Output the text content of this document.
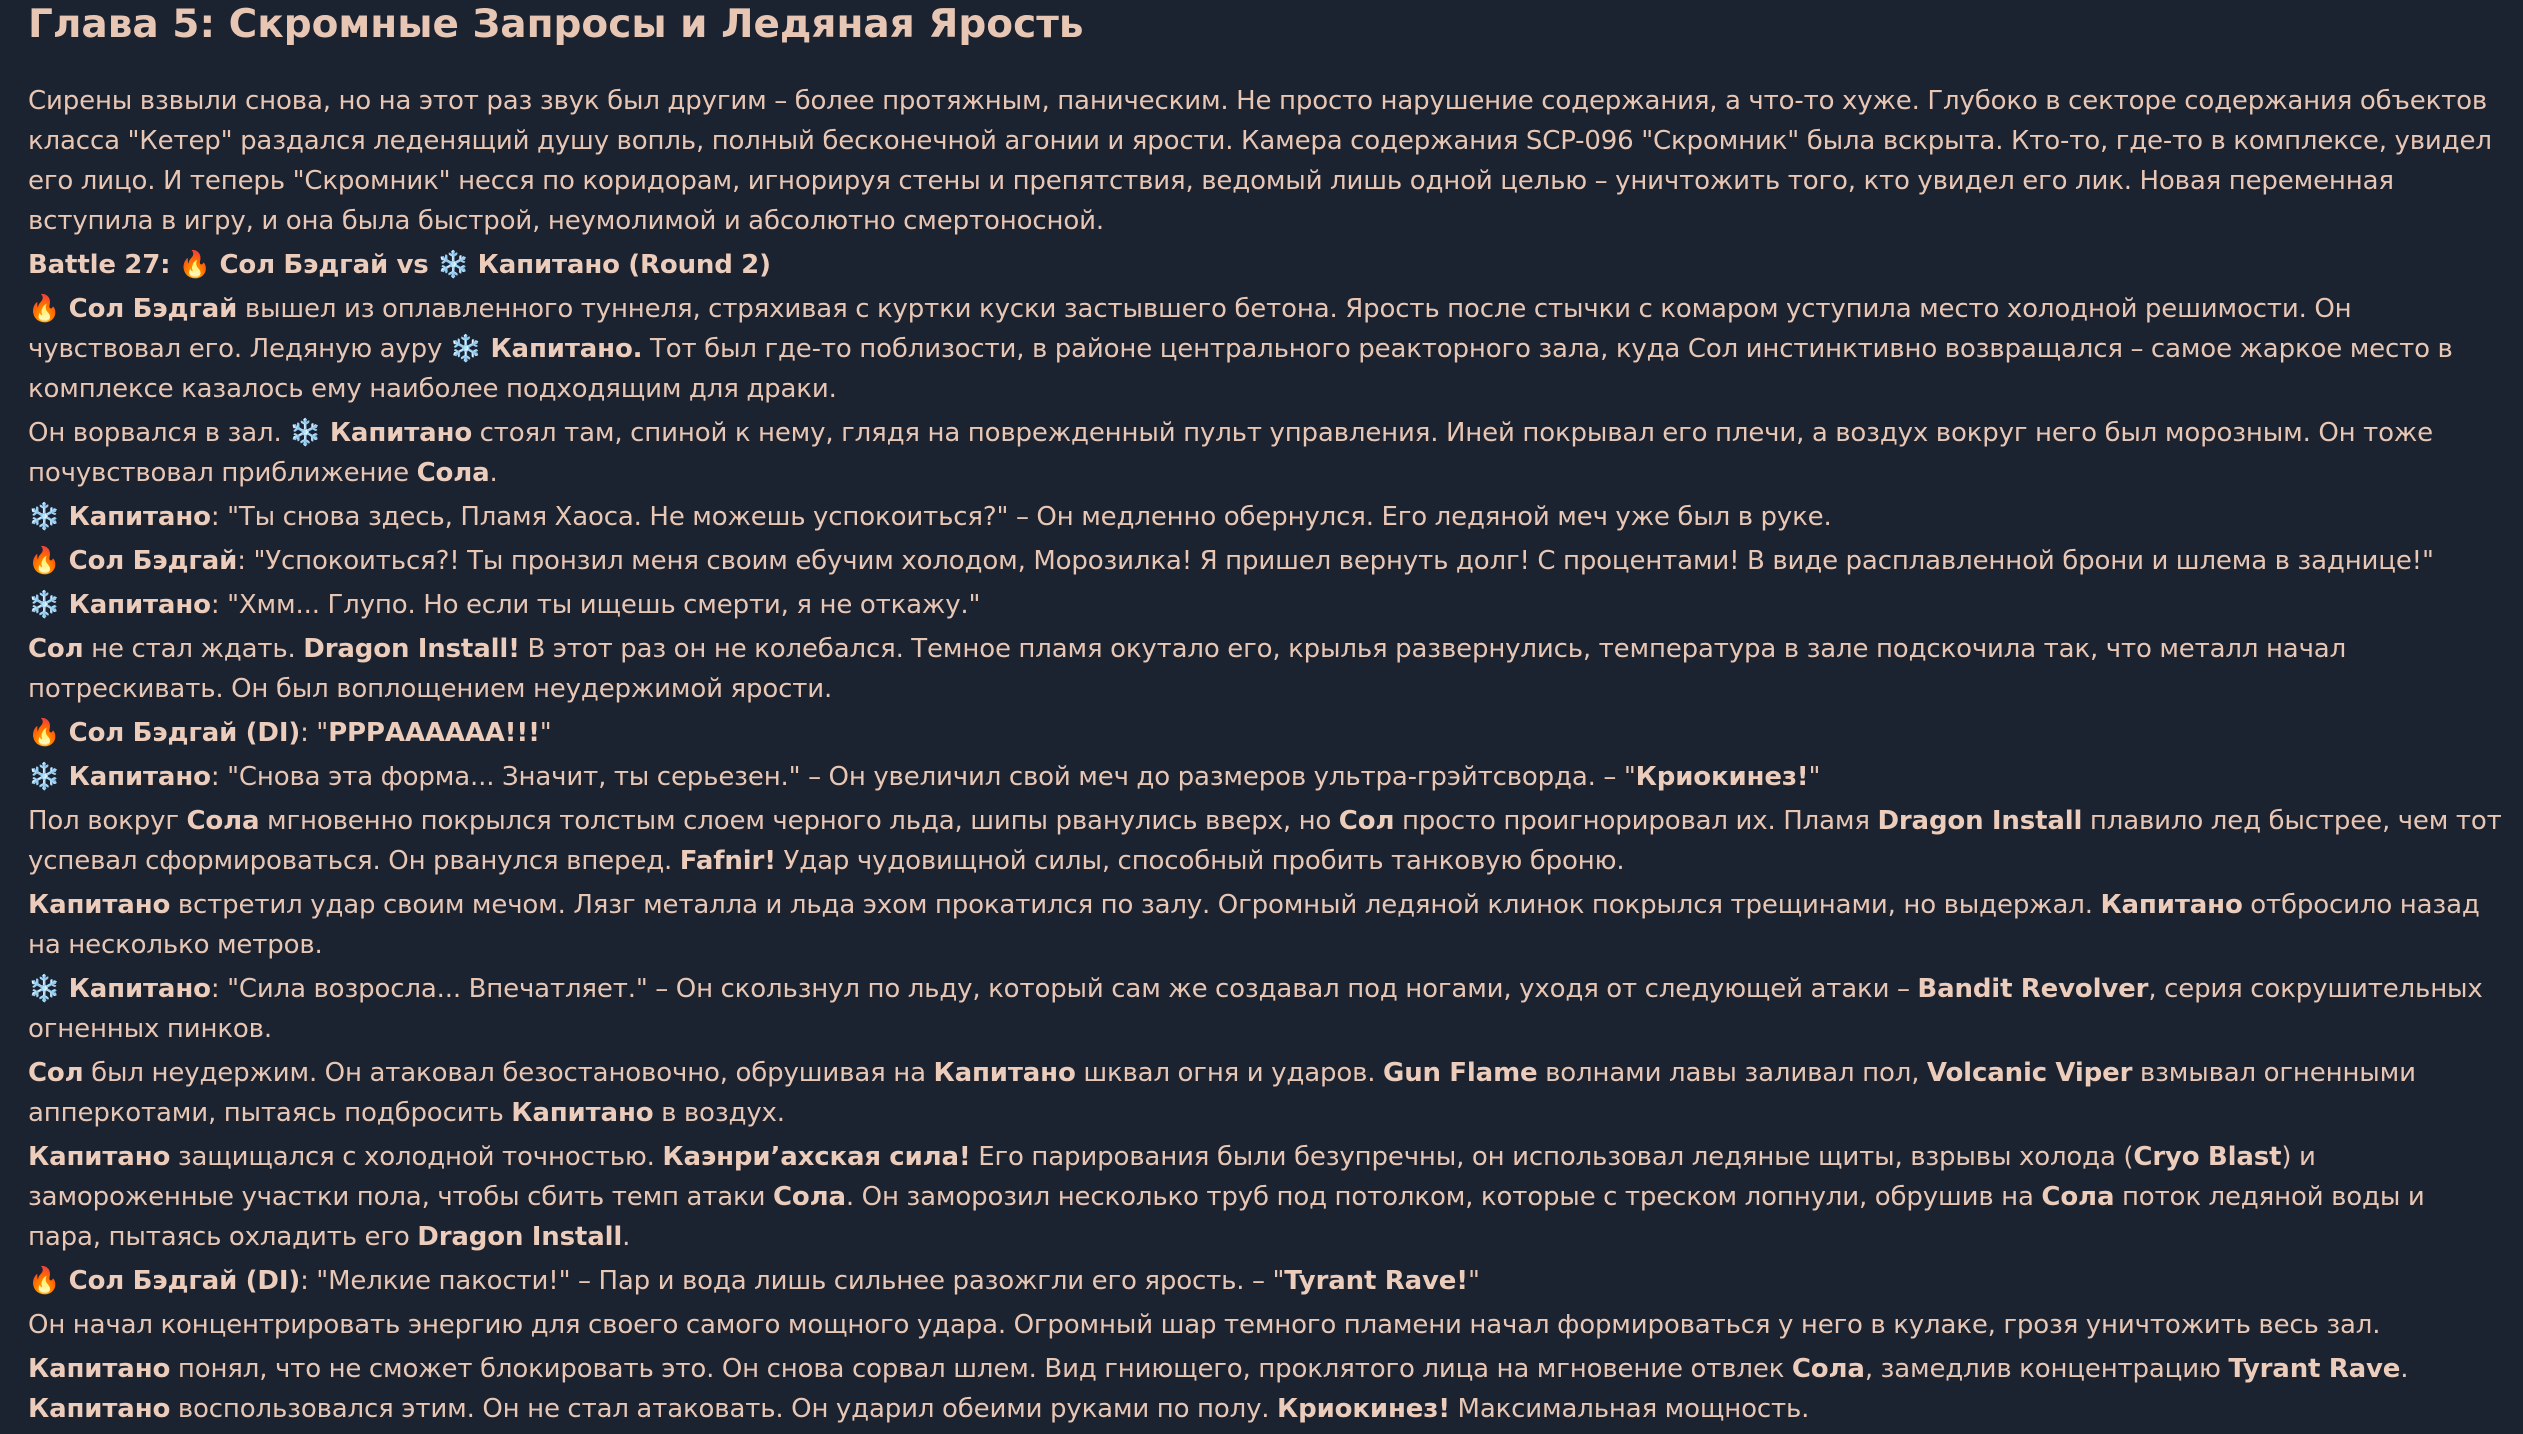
Глава 5: Скромные Запросы и Ледяная Ярость

Сирены взвыли снова, но на этот раз звук был другим – более протяжным, паническим. Не просто нарушение содержания, а что-то хуже. Глубоко в секторе содержания объектов класса "Кетер" раздался леденящий душу вопль, полный бесконечной агонии и ярости. Камера содержания SCP-096 "Скромник" была вскрыта. Кто-то, где-то в комплексе, увидел его лицо. И теперь "Скромник" несся по коридорам, игнорируя стены и препятствия, ведомый лишь одной целью – уничтожить того, кто увидел его лик. Новая переменная вступила в игру, и она была быстрой, неумолимой и абсолютно смертоносной.

Battle 27: 🔥 Сол Бэдгай vs ❄️ Капитано (Round 2)

🔥 Сол Бэдгай вышел из оплавленного туннеля, стряхивая с куртки куски застывшего бетона. Ярость после стычки с комаром уступила место холодной решимости. Он чувствовал его. Ледяную ауру ❄️ Капитано. Тот был где-то поблизости, в районе центрального реакторного зала, куда Сол инстинктивно возвращался – самое жаркое место в комплексе казалось ему наиболее подходящим для драки.

Он ворвался в зал. ❄️ Капитано стоял там, спиной к нему, глядя на поврежденный пульт управления. Иней покрывал его плечи, а воздух вокруг него был морозным. Он тоже почувствовал приближение Сола.

❄️ Капитано: "Ты снова здесь, Пламя Хаоса. Не можешь успокоиться?" – Он медленно обернулся. Его ледяной меч уже был в руке.

🔥 Сол Бэдгай: "Успокоиться?! Ты пронзил меня своим ебучим холодом, Морозилка! Я пришел вернуть долг! С процентами! В виде расплавленной брони и шлема в заднице!"

❄️ Капитано: "Хмм... Глупо. Но если ты ищешь смерти, я не откажу."

Сол не стал ждать. Dragon Install! В этот раз он не колебался. Темное пламя окутало его, крылья развернулись, температура в зале подскочила так, что металл начал потрескивать. Он был воплощением неудержимой ярости.

🔥 Сол Бэдгай (DI): "РРРААААAA!!!"

❄️ Капитано: "Снова эта форма... Значит, ты серьезен." – Он увеличил свой меч до размеров ультра-грэйтсворда. – "Криокинез!"

Пол вокруг Сола мгновенно покрылся толстым слоем черного льда, шипы рванулись вверх, но Сол просто проигнорировал их. Пламя Dragon Install плавило лед быстрее, чем тот успевал сформироваться. Он рванулся вперед. Fafnir! Удар чудовищной силы, способный пробить танковую броню.

Капитано встретил удар своим мечом. Лязг металла и льда эхом прокатился по залу. Огромный ледяной клинок покрылся трещинами, но выдержал. Капитано отбросило назад на несколько метров.

❄️ Капитано: "Сила возросла... Впечатляет." – Он скользнул по льду, который сам же создавал под ногами, уходя от следующей атаки – Bandit Revolver, серия сокрушительных огненных пинков.

Сол был неудержим. Он атаковал безостановочно, обрушивая на Капитано шквал огня и ударов. Gun Flame волнами лавы заливал пол, Volcanic Viper взмывал огненными апперкотами, пытаясь подбросить Капитано в воздух.

Капитано защищался с холодной точностью. Каэнри’ахская сила! Его парирования были безупречны, он использовал ледяные щиты, взрывы холода (Cryo Blast) и замороженные участки пола, чтобы сбить темп атаки Сола. Он заморозил несколько труб под потолком, которые с треском лопнули, обрушив на Сола поток ледяной воды и пара, пытаясь охладить его Dragon Install.

🔥 Сол Бэдгай (DI): "Мелкие пакости!" – Пар и вода лишь сильнее разожгли его ярость. – "Tyrant Rave!"

Он начал концентрировать энергию для своего самого мощного удара. Огромный шар темного пламени начал формироваться у него в кулаке, грозя уничтожить весь зал.

Капитано понял, что не сможет блокировать это. Он снова сорвал шлем. Вид гниющего, проклятого лица на мгновение отвлек Сола, замедлив концентрацию Tyrant Rave. Капитано воспользовался этим. Он не стал атаковать. Он ударил обеими руками по полу. Криокинез! Максимальная мощность.
